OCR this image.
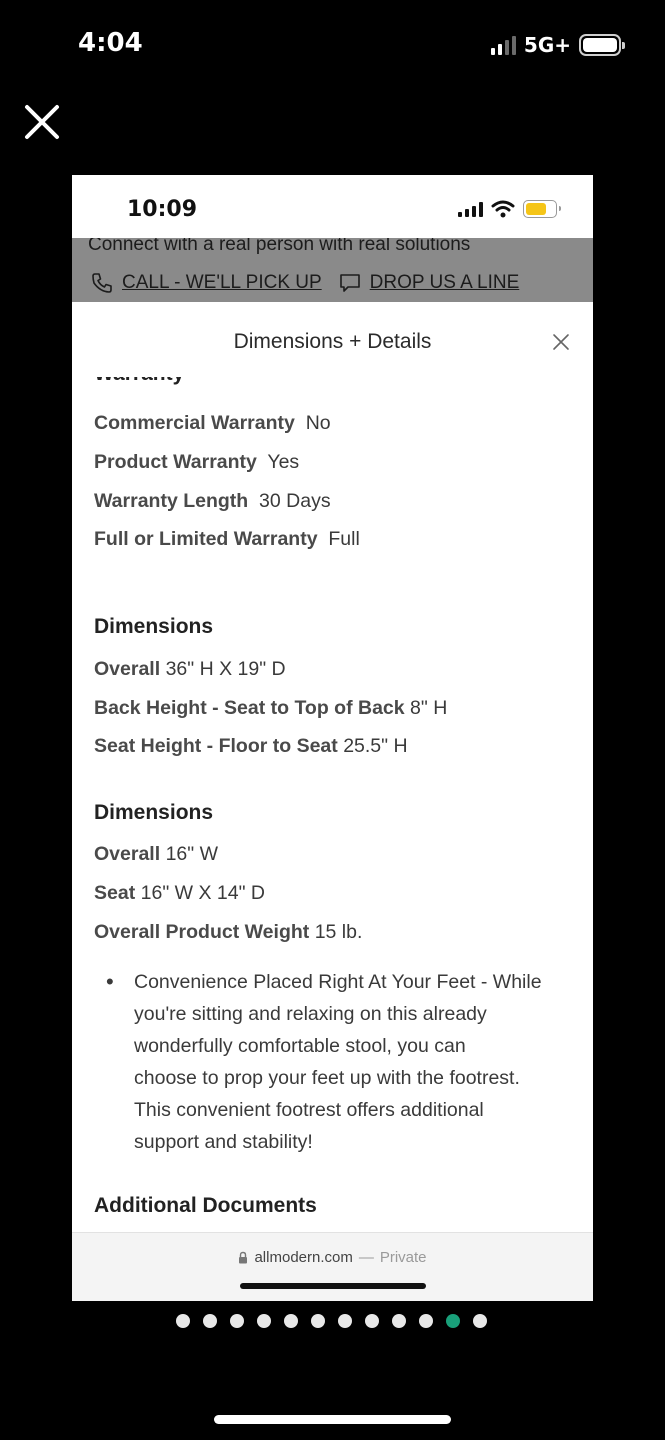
4:04	5G+
10:09
Connect with a real person with real solutions
CALL - WE'LL PICK UP	DROP US A LINE
Commercial Warranty No
Product Warranty Yes
Warranty Length 30 Days
Full or Limited Warranty Full
Dimensions
Overall 36" H X 19" D
Back Height - Seat to Top of Back 8" H
Seat Height - Floor to Seat 25.5" H
Dimensions
Overall 16" W
Seat 16" W X 14" D
Overall Product Weight 15 lb.
•	Convenience Placed Right At Your Feet - While
you're sitting and relaxing on this already
wonderfully comfortable stool, you can
choose to prop your feet up with the footrest.
This convenient footrest offers additional
support and stability!
Additional Documents
Dimensions + Details
allmodern.com — Private
